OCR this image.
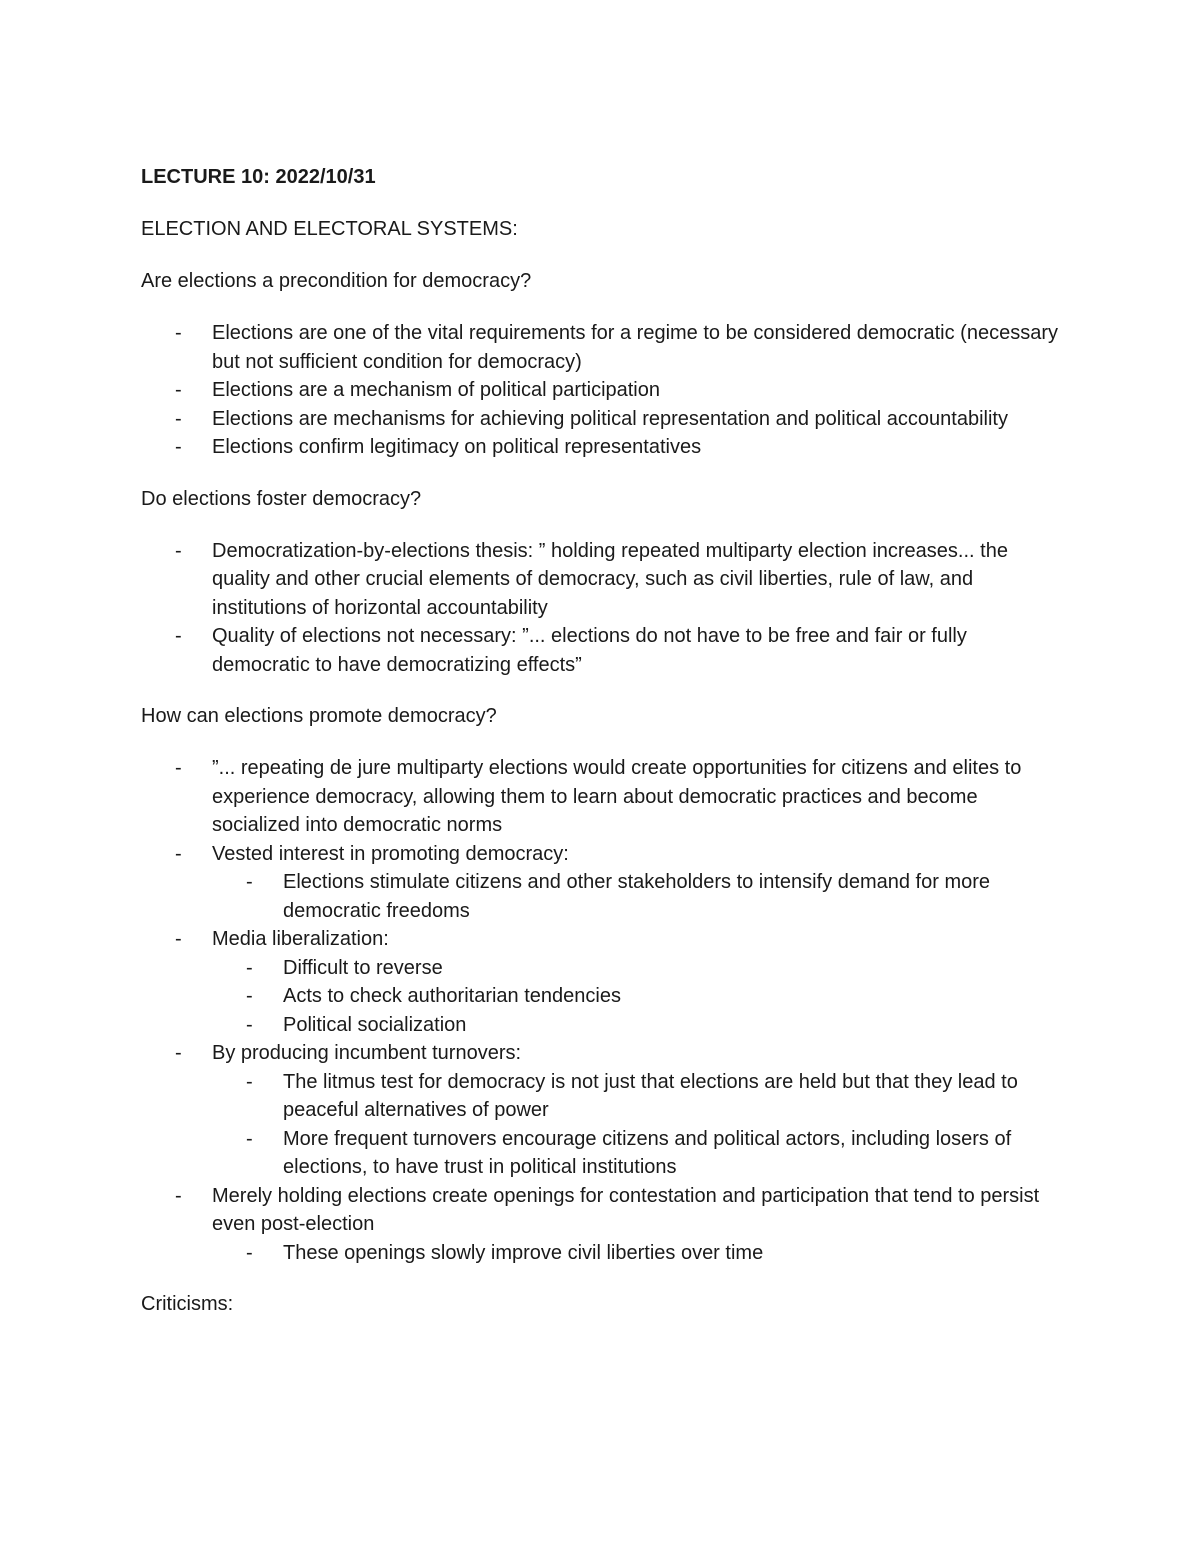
LECTURE 10: 2022/10/31
ELECTION AND ELECTORAL SYSTEMS:
Are elections a precondition for democracy?
- Elections are one of the vital requirements for a regime to be considered democratic (necessary but not sufficient condition for democracy)
- Elections are a mechanism of political participation
- Elections are mechanisms for achieving political representation and political accountability
- Elections confirm legitimacy on political representatives
Do elections foster democracy?
- Democratization-by-elections thesis: ” holding repeated multiparty election increases... the quality and other crucial elements of democracy, such as civil liberties, rule of law, and institutions of horizontal accountability
- Quality of elections not necessary: ”... elections do not have to be free and fair or fully democratic to have democratizing effects”
How can elections promote democracy?
- ”... repeating de jure multiparty elections would create opportunities for citizens and elites to experience democracy, allowing them to learn about democratic practices and become socialized into democratic norms
- Vested interest in promoting democracy:
- Elections stimulate citizens and other stakeholders to intensify demand for more democratic freedoms
- Media liberalization:
- Difficult to reverse
- Acts to check authoritarian tendencies
- Political socialization
- By producing incumbent turnovers:
- The litmus test for democracy is not just that elections are held but that they lead to peaceful alternatives of power
- More frequent turnovers encourage citizens and political actors, including losers of elections, to have trust in political institutions
- Merely holding elections create openings for contestation and participation that tend to persist even post-election
- These openings slowly improve civil liberties over time
Criticisms:
